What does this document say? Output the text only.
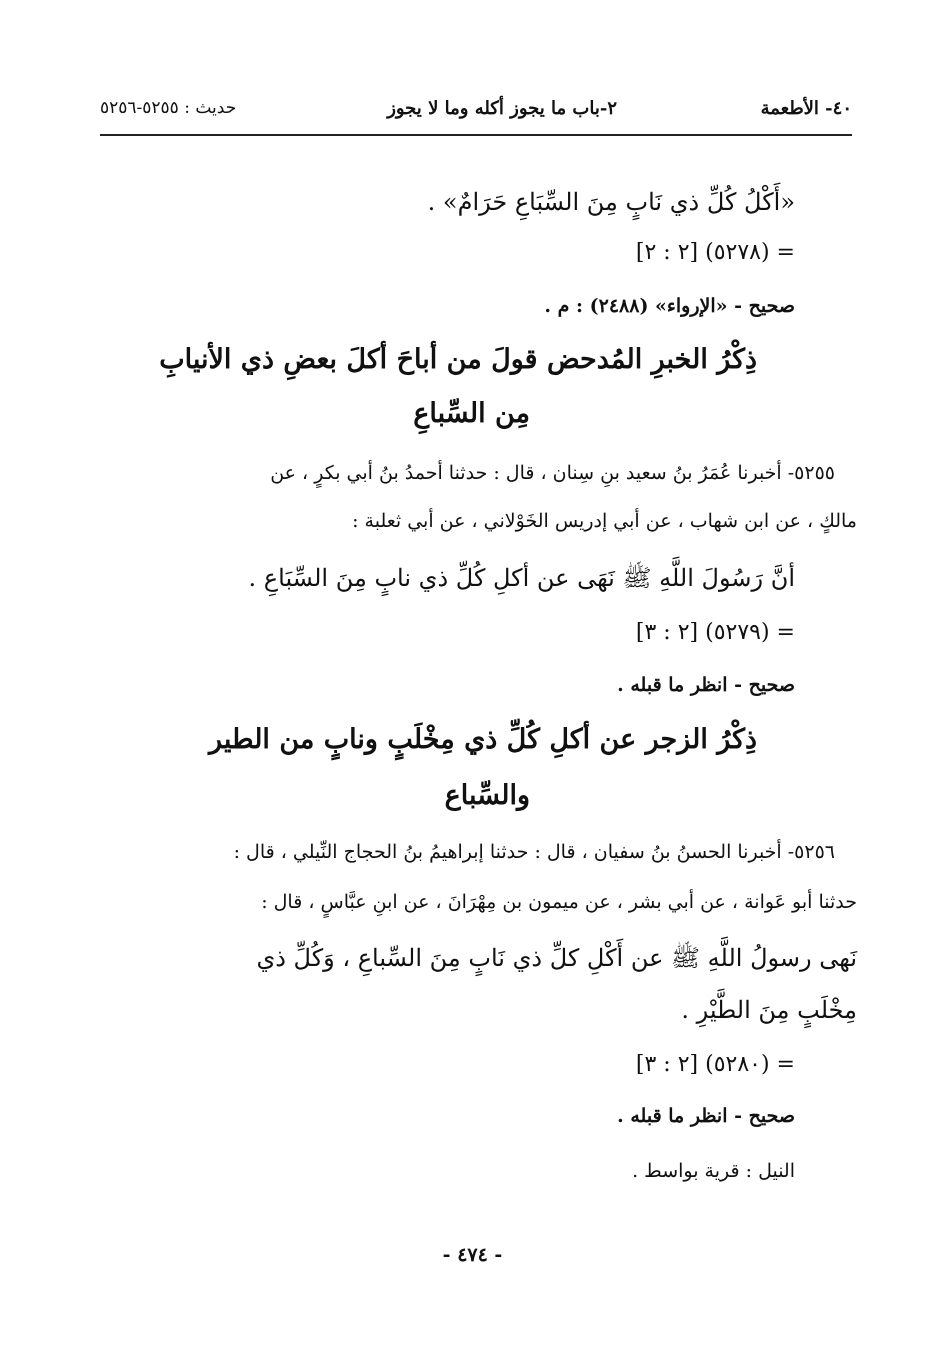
٤٠- الأطعمة
٢-باب ما يجوز أكله وما لا يجوز
حديث : ٥٢٥٥-٥٢٥٦
«أَكْلُ كُلِّ ذي نَابٍ مِنَ السِّبَاعِ حَرَامٌ» .
= (٥٢٧٨) [٢ : ٢]
صحيح - «الإرواء» (٢٤٨٨) : م .
ذِكْرُ الخبرِ المُدحض قولَ من أباحَ أكلَ بعضِ ذي الأنيابِ
مِن السِّباعِ
٥٢٥٥- أخبرنا عُمَرُ بنُ سعيد بنِ سِنان ، قال : حدثنا أحمدُ بنُ أبي بكرٍ ، عن
مالكٍ ، عن ابن شهاب ، عن أبي إدريس الخَوْلاني ، عن أبي ثعلبة :
أنَّ رَسُولَ اللَّهِ ﷺ نَهَى عن أكلِ كُلِّ ذي نابٍ مِنَ السِّبَاعِ .
= (٥٢٧٩) [٢ : ٣]
صحيح - انظر ما قبله .
ذِكْرُ الزجر عن أكلِ كُلِّ ذي مِخْلَبٍ ونابٍ من الطير
والسِّباع
٥٢٥٦- أخبرنا الحسنُ بنُ سفيان ، قال : حدثنا إبراهيمُ بنُ الحجاج النِّيلي ، قال :
حدثنا أبو عَوانة ، عن أبي بشر ، عن ميمون بن مِهْرَانَ ، عن ابنِ عبَّاسٍ ، قال :
نَهى رسولُ اللَّهِ ﷺ عن أَكْلِ كلِّ ذي نَابٍ مِنَ السِّباعِ ، وَكُلِّ ذي
مِخْلَبٍ مِنَ الطَّيْرِ .
= (٥٢٨٠) [٢ : ٣]
صحيح - انظر ما قبله .
النيل : قرية بواسط .
- ٤٧٤ -
